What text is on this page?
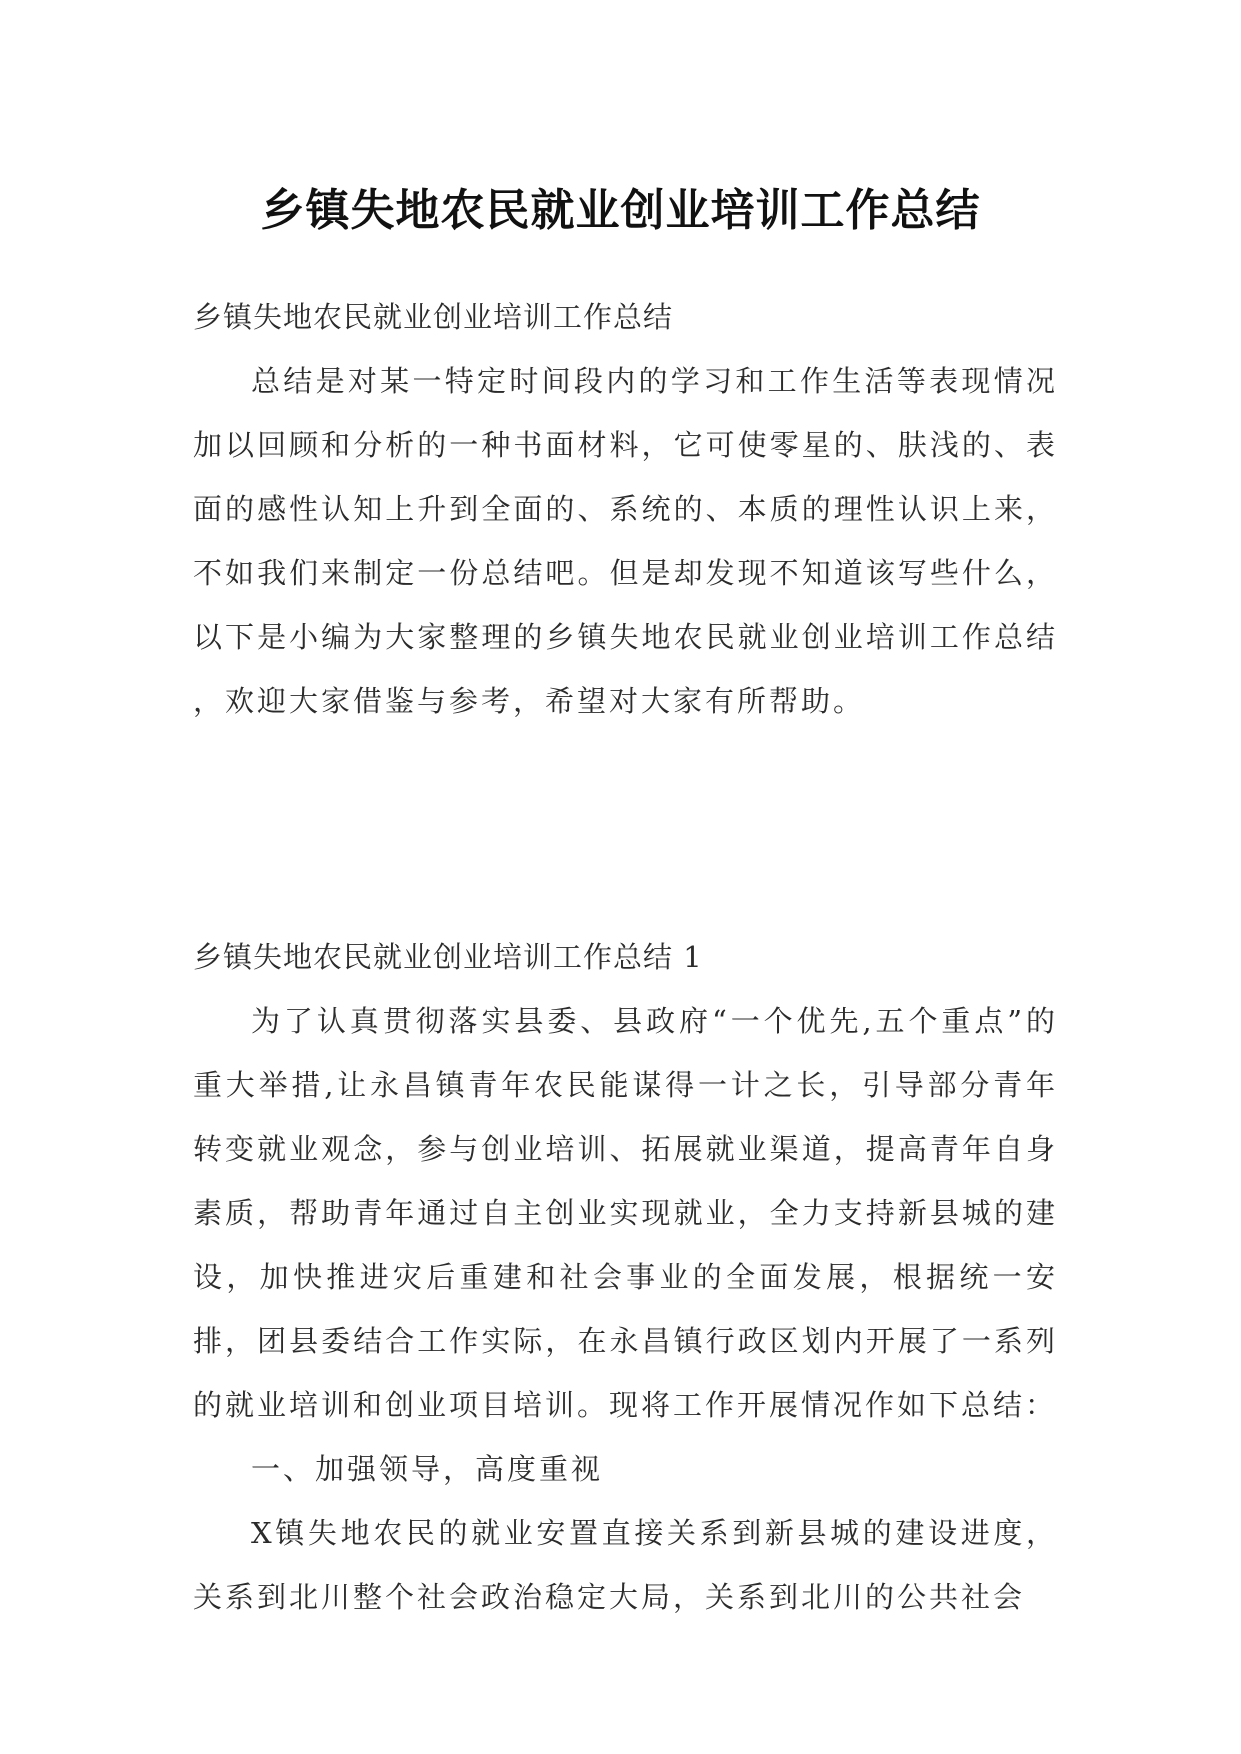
乡镇失地农民就业创业培训工作总结

乡镇失地农民就业创业培训工作总结

总结是对某一特定时间段内的学习和工作生活等表现情况加以回顾和分析的一种书面材料，它可使零星的、肤浅的、表面的感性认知上升到全面的、系统的、本质的理性认识上来，不如我们来制定一份总结吧。但是却发现不知道该写些什么，以下是小编为大家整理的乡镇失地农民就业创业培训工作总结 ，欢迎大家借鉴与参考，希望对大家有所帮助。

乡镇失地农民就业创业培训工作总结 1

为了认真贯彻落实县委、县政府“一个优先,五个重点”的重大举措,让永昌镇青年农民能谋得一计之长，引导部分青年转变就业观念，参与创业培训、拓展就业渠道，提高青年自身素质，帮助青年通过自主创业实现就业，全力支持新县城的建设，加快推进灾后重建和社会事业的全面发展，根据统一安排，团县委结合工作实际，在永昌镇行政区划内开展了一系列的就业培训和创业项目培训。现将工作开展情况作如下总结：

一、加强领导，高度重视

X镇失地农民的就业安置直接关系到新县城的建设进度，关系到北川整个社会政治稳定大局，关系到北川的公共社会
